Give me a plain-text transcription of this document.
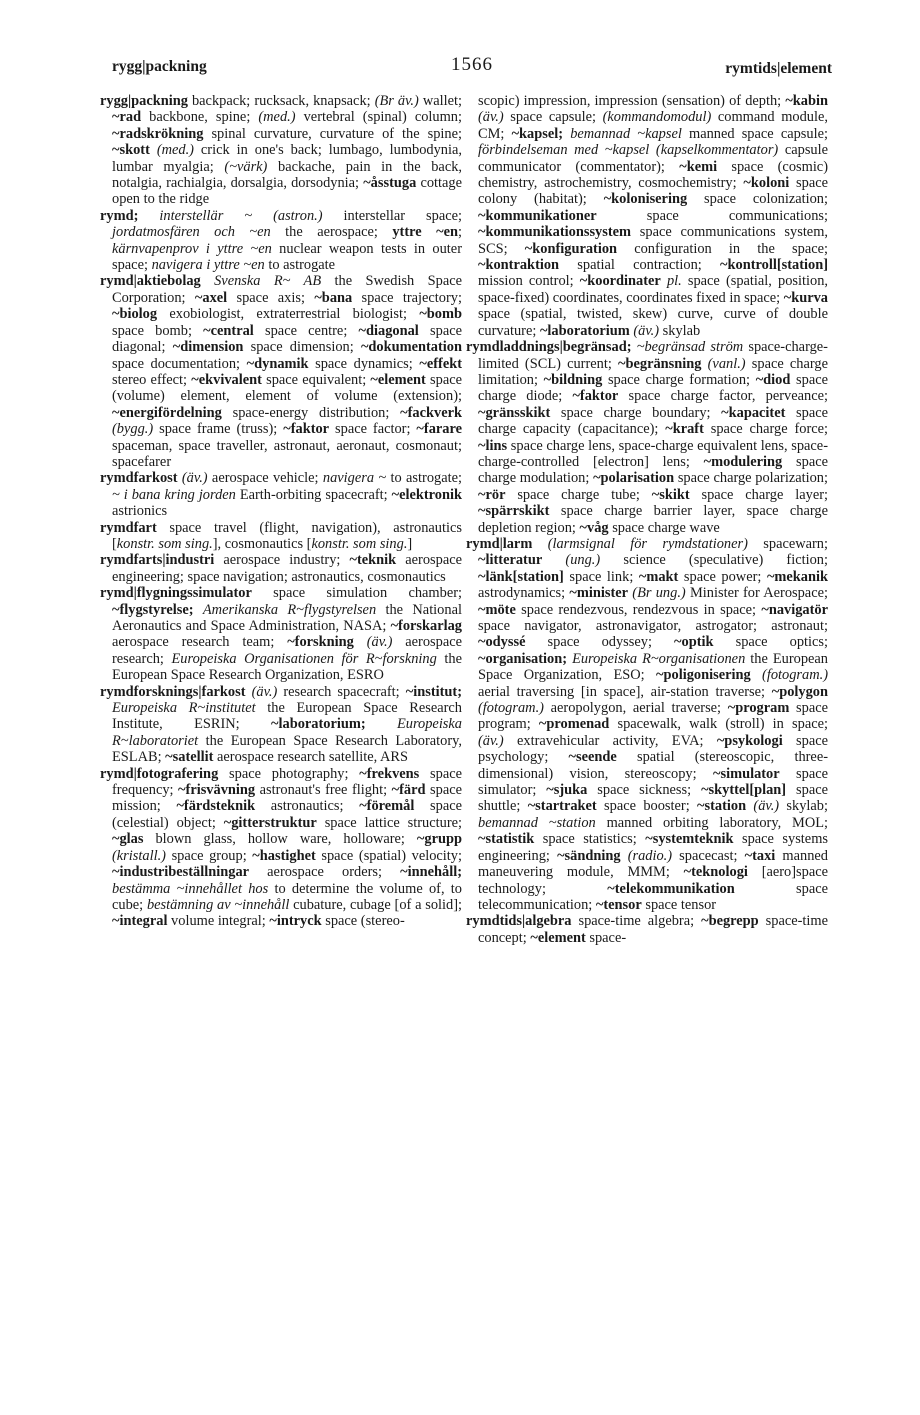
rygg|packning	1566	rymtids|element

rygg|packning backpack; rucksack, knapsack; (Br äv.) wallet; ~rad backbone, spine; (med.) vertebral (spinal) column; ~radskrökning spinal curvature, curvature of the spine; ~skott (med.) crick in one's back; lumbago, lumbodynia, lumbar myalgia; (~värk) backache, pain in the back, notalgia, rachialgia, dorsalgia, dorsodynia; ~åsstuga cottage open to the ridge

rymd; interstellär ~ (astron.) interstellar space; jordatmosfären och ~en the aerospace; yttre ~en; kärnvapenprov i yttre ~en nuclear weapon tests in outer space; navigera i yttre ~en to astrogate

rymd|aktiebolag Svenska R~ AB the Swedish Space Corporation; ~axel space axis; ~bana space trajectory; ~biolog exobiologist, extraterrestrial biologist; ~bomb space bomb; ~central space centre; ~diagonal space diagonal; ~dimension space dimension; ~dokumentation space documentation; ~dynamik space dynamics; ~effekt stereo effect; ~ekvivalent space equivalent; ~element space (volume) element, element of volume (extension); ~energifördelning space-energy distribution; ~fackverk (bygg.) space frame (truss); ~faktor space factor; ~farare spaceman, space traveller, astronaut, aeronaut, cosmonaut; spacefarer

rymdfarkost (äv.) aerospace vehicle; navigera ~ to astrogate; ~ i bana kring jorden Earth-orbiting spacecraft; ~elektronik astrionics

rymdfart space travel (flight, navigation), astronautics [konstr. som sing.], cosmonautics [konstr. som sing.]

rymdfarts|industri aerospace industry; ~teknik aerospace engineering; space navigation; astronautics, cosmonautics

rymd|flygningssimulator space simulation chamber; ~flygstyrelse; Amerikanska R~flygstyrelsen the National Aeronautics and Space Administration, NASA; ~forskarlag aerospace research team; ~forskning (äv.) aerospace research; Europeiska Organisationen för R~forskning the European Space Research Organization, ESRO

rymdforsknings|farkost (äv.) research spacecraft; ~institut; Europeiska R~institutet the European Space Research Institute, ESRIN; ~laboratorium; Europeiska R~laboratoriet the European Space Research Laboratory, ESLAB; ~satellit aerospace research satellite, ARS

rymd|fotografering space photography; ~frekvens space frequency; ~frisvävning astronaut's free flight; ~färd space mission; ~färdsteknik astronautics; ~föremål space (celestial) object; ~gitterstruktur space lattice structure; ~glas blown glass, hollow ware, holloware; ~grupp (kristall.) space group; ~hastighet space (spatial) velocity; ~industribeställningar aerospace orders; ~innehåll; bestämma ~innehållet hos to determine the volume of, to cube; bestämning av ~innehåll cubature, cubage [of a solid]; ~integral volume integral; ~intryck space (stereo-

scopic) impression, impression (sensation) of depth; ~kabin (äv.) space capsule; (kommandomodul) command module, CM; ~kapsel; bemannad ~kapsel manned space capsule; förbindelseman med ~kapsel (kapselkommentator) capsule communicator (commentator); ~kemi space (cosmic) chemistry, astrochemistry, cosmochemistry; ~koloni space colony (habitat); ~kolonisering space colonization; ~kommunikationer space communications; ~kommunikationssystem space communications system, SCS; ~konfiguration configuration in the space; ~kontraktion spatial contraction; ~kontroll[station] mission control; ~koordinater pl. space (spatial, position, space-fixed) coordinates, coordinates fixed in space; ~kurva space (spatial, twisted, skew) curve, curve of double curvature; ~laboratorium (äv.) skylab

rymdladdnings|begränsad; ~begränsad ström space-charge-limited (SCL) current; ~begränsning (vanl.) space charge limitation; ~bildning space charge formation; ~diod space charge diode; ~faktor space charge factor, perveance; ~gränsskikt space charge boundary; ~kapacitet space charge capacity (capacitance); ~kraft space charge force; ~lins space charge lens, space-charge equivalent lens, space-charge-controlled [electron] lens; ~modulering space charge modulation; ~polarisation space charge polarization; ~rör space charge tube; ~skikt space charge layer; ~spärrskikt space charge barrier layer, space charge depletion region; ~våg space charge wave

rymd|larm (larmsignal för rymdstationer) spacewarn; ~litteratur (ung.) science (speculative) fiction; ~länk[station] space link; ~makt space power; ~mekanik astrodynamics; ~minister (Br ung.) Minister for Aerospace; ~möte space rendezvous, rendezvous in space; ~navigatör space navigator, astronavigator, astrogator; astronaut; ~odyssé space odyssey; ~optik space optics; ~organisation; Europeiska R~organisationen the European Space Organization, ESO; ~poligonisering (fotogram.) aerial traversing [in space], air-station traverse; ~polygon (fotogram.) aeropolygon, aerial traverse; ~program space program; ~promenad spacewalk, walk (stroll) in space; (äv.) extravehicular activity, EVA; ~psykologi space psychology; ~seende spatial (stereoscopic, three-dimensional) vision, stereoscopy; ~simulator space simulator; ~sjuka space sickness; ~skyttel[plan] space shuttle; ~startraket space booster; ~station (äv.) skylab; bemannad ~station manned orbiting laboratory, MOL; ~statistik space statistics; ~systemteknik space systems engineering; ~sändning (radio.) spacecast; ~taxi manned maneuvering module, MMM; ~teknologi [aero]space technology; ~telekommunikation space telecommunication; ~tensor space tensor

rymdtids|algebra space-time algebra; ~begrepp space-time concept; ~element space-
